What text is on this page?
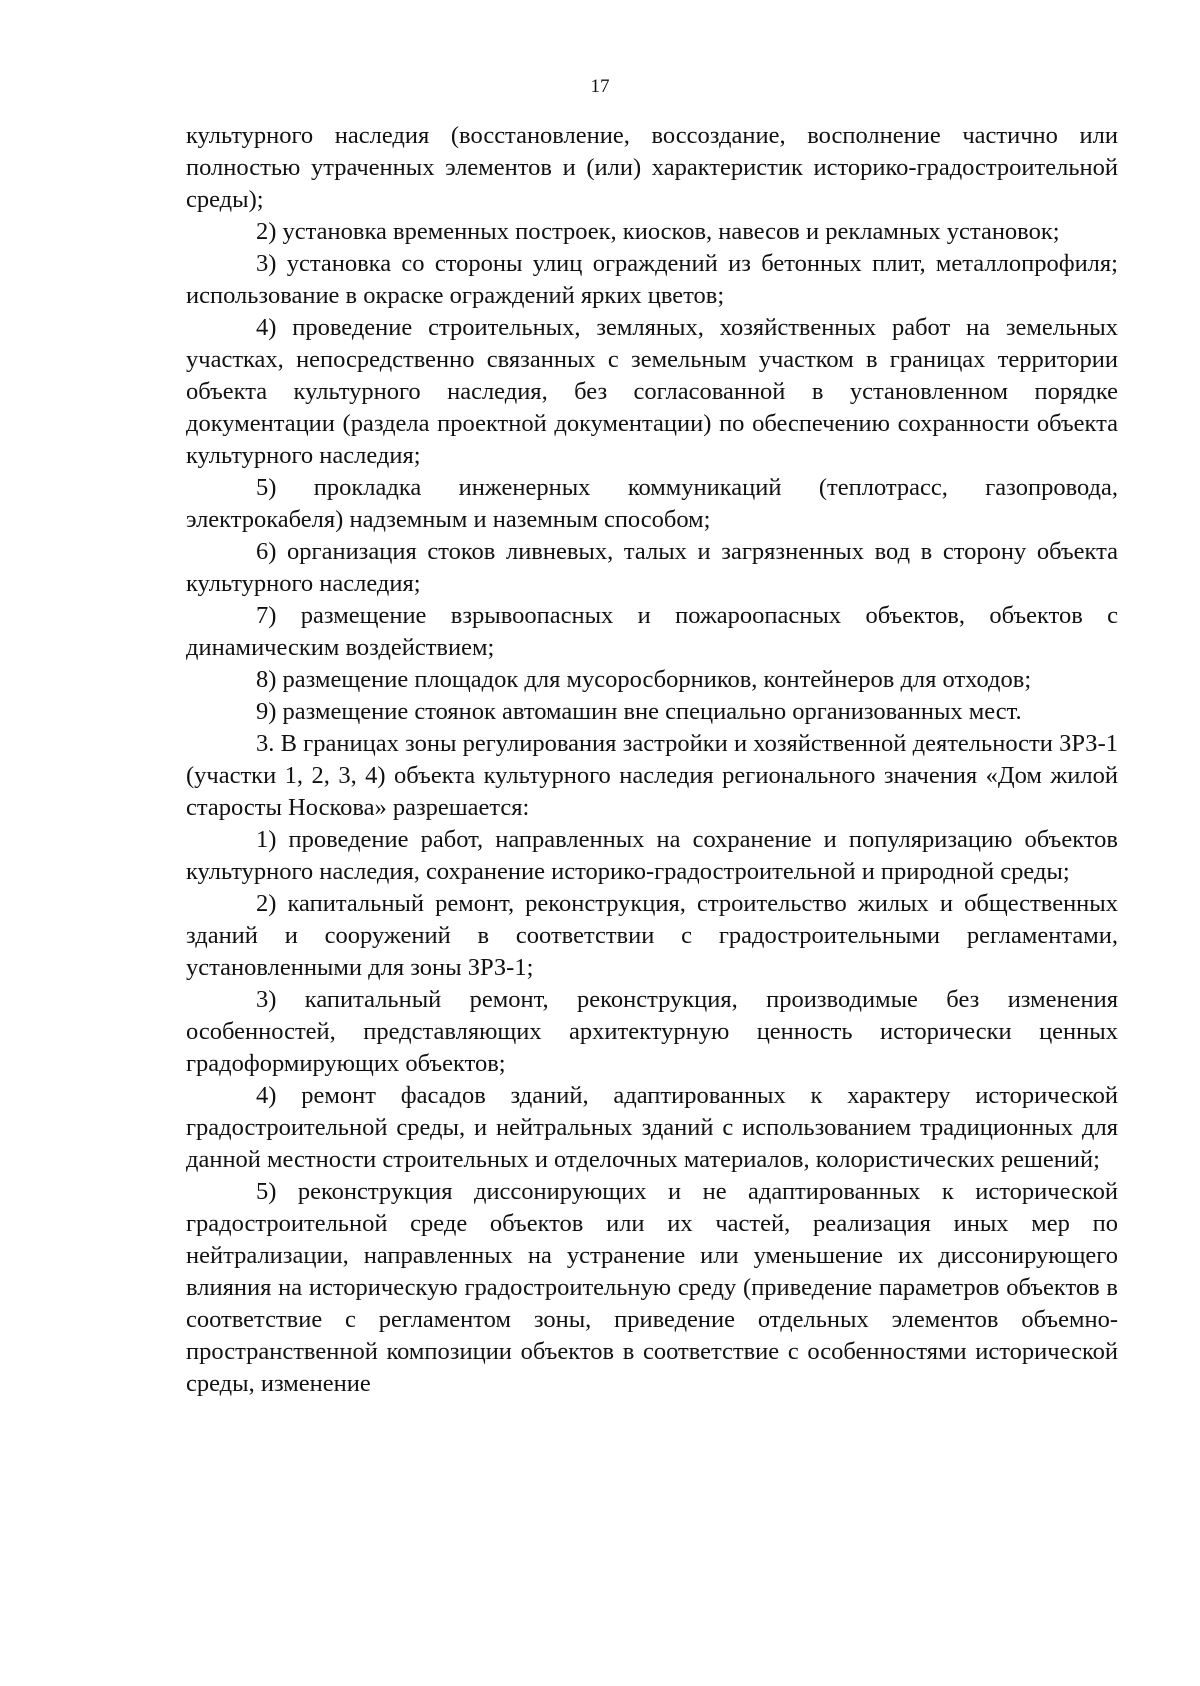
17

культурного наследия (восстановление, воссоздание, восполнение частично или полностью утраченных элементов и (или) характеристик историко-градостроительной среды);

2) установка временных построек, киосков, навесов и рекламных установок;

3) установка со стороны улиц ограждений из бетонных плит, металлопрофиля; использование в окраске ограждений ярких цветов;

4) проведение строительных, земляных, хозяйственных работ на земельных участках, непосредственно связанных с земельным участком в границах территории объекта культурного наследия, без согласованной в установленном порядке документации (раздела проектной документации) по обеспечению сохранности объекта культурного наследия;

5) прокладка инженерных коммуникаций (теплотрасс, газопровода, электрокабеля) надземным и наземным способом;

6) организация стоков ливневых, талых и загрязненных вод в сторону объекта культурного наследия;

7) размещение взрывоопасных и пожароопасных объектов, объектов с динамическим воздействием;

8) размещение площадок для мусоросборников, контейнеров для отходов;

9) размещение стоянок автомашин вне специально организованных мест.

3. В границах зоны регулирования застройки и хозяйственной деятельности ЗРЗ-1 (участки 1, 2, 3, 4) объекта культурного наследия регионального значения «Дом жилой старосты Носкова» разрешается:

1) проведение работ, направленных на сохранение и популяризацию объектов культурного наследия, сохранение историко-градостроительной и природной среды;

2) капитальный ремонт, реконструкция, строительство жилых и общественных зданий и сооружений в соответствии с градостроительными регламентами, установленными для зоны ЗРЗ-1;

3) капитальный ремонт, реконструкция, производимые без изменения особенностей, представляющих архитектурную ценность исторически ценных градоформирующих объектов;

4) ремонт фасадов зданий, адаптированных к характеру исторической градостроительной среды, и нейтральных зданий с использованием традиционных для данной местности строительных и отделочных материалов, колористических решений;

5) реконструкция диссонирующих и не адаптированных к исторической градостроительной среде объектов или их частей, реализация иных мер по нейтрализации, направленных на устранение или уменьшение их диссонирующего влияния на историческую градостроительную среду (приведение параметров объектов в соответствие с регламентом зоны, приведение отдельных элементов объемно-пространственной композиции объектов в соответствие с особенностями исторической среды, изменение
